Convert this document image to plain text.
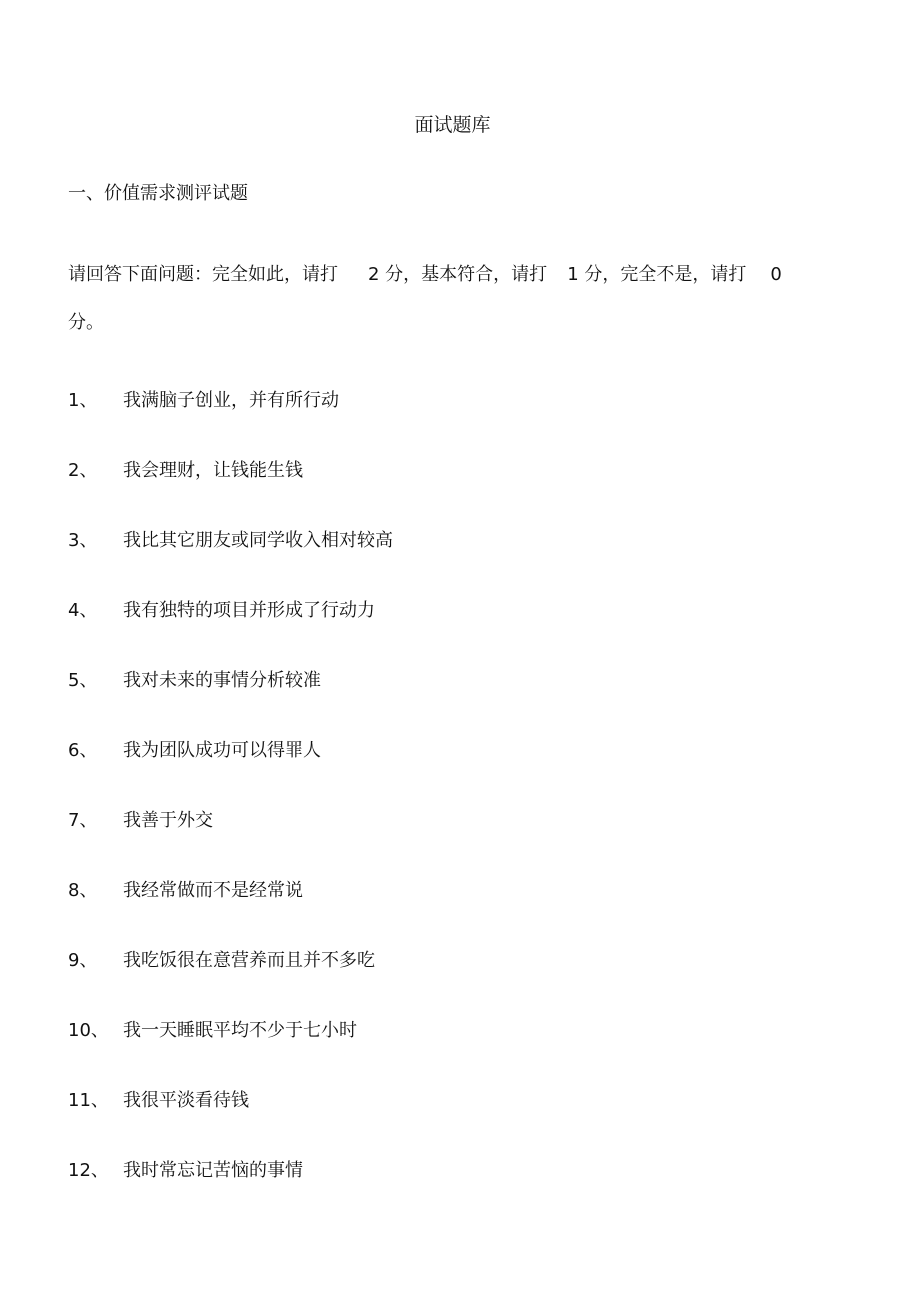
面试题库
一、价值需求测评试题
请回答下面问题：完全如此，请打 2 分，基本符合，请打 1 分，完全不是，请打 0
分。
1、	我满脑子创业，并有所行动
2、	我会理财，让钱能生钱
3、	我比其它朋友或同学收入相对较高
4、	我有独特的项目并形成了行动力
5、	我对未来的事情分析较准
6、	我为团队成功可以得罪人
7、	我善于外交
8、	我经常做而不是经常说
9、	我吃饭很在意营养而且并不多吃
10、 我一天睡眠平均不少于七小时
11、 我很平淡看待钱
12、 我时常忘记苦恼的事情
